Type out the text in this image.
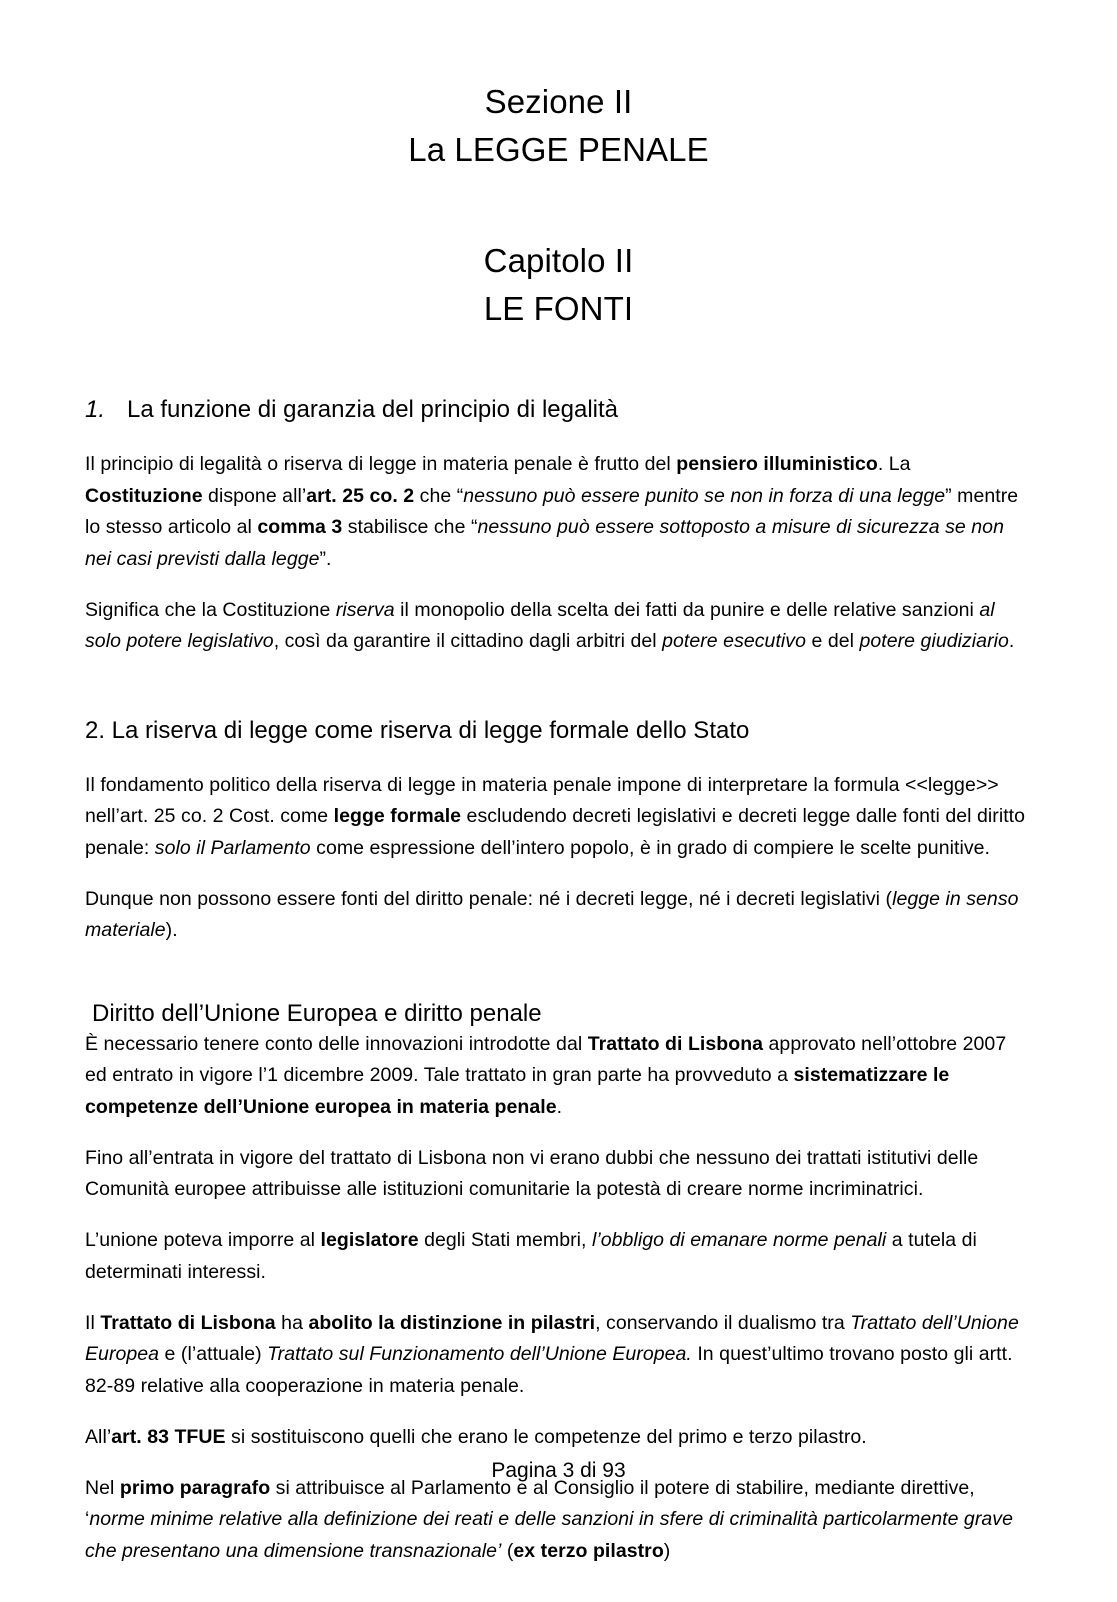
Sezione II
La LEGGE PENALE
Capitolo II
LE FONTI
1. La funzione di garanzia del principio di legalità

Il principio di legalità o riserva di legge in materia penale è frutto del pensiero illuministico. La Costituzione dispone all’art. 25 co. 2 che “nessuno può essere punito se non in forza di una legge” mentre lo stesso articolo al comma 3 stabilisce che “nessuno può essere sottoposto a misure di sicurezza se non nei casi previsti dalla legge”.

Significa che la Costituzione riserva il monopolio della scelta dei fatti da punire e delle relative sanzioni al solo potere legislativo, così da garantire il cittadino dagli arbitri del potere esecutivo e del potere giudiziario.

2. La riserva di legge come riserva di legge formale dello Stato

Il fondamento politico della riserva di legge in materia penale impone di interpretare la formula <<legge>> nell’art. 25 co. 2 Cost. come legge formale escludendo decreti legislativi e decreti legge dalle fonti del diritto penale: solo il Parlamento come espressione dell’intero popolo, è in grado di compiere le scelte punitive.

Dunque non possono essere fonti del diritto penale: né i decreti legge, né i decreti legislativi (legge in senso materiale).

Diritto dell’Unione Europea e diritto penale

È necessario tenere conto delle innovazioni introdotte dal Trattato di Lisbona approvato nell’ottobre 2007 ed entrato in vigore l’1 dicembre 2009. Tale trattato in gran parte ha provveduto a sistematizzare le competenze dell’Unione europea in materia penale.

Fino all’entrata in vigore del trattato di Lisbona non vi erano dubbi che nessuno dei trattati istitutivi delle Comunità europee attribuisse alle istituzioni comunitarie la potestà di creare norme incriminatrici.

L’unione poteva imporre al legislatore degli Stati membri, l’obbligo di emanare norme penali a tutela di determinati interessi.

Il Trattato di Lisbona ha abolito la distinzione in pilastri, conservando il dualismo tra Trattato dell’Unione Europea e (l’attuale) Trattato sul Funzionamento dell’Unione Europea. In quest’ultimo trovano posto gli artt. 82-89 relative alla cooperazione in materia penale.

All’art. 83 TFUE si sostituiscono quelli che erano le competenze del primo e terzo pilastro.

Nel primo paragrafo si attribuisce al Parlamento e al Consiglio il potere di stabilire, mediante direttive, ‘norme minime relative alla definizione dei reati e delle sanzioni in sfere di criminalità particolarmente grave che presentano una dimensione transnazionale’ (ex terzo pilastro)

Pagina 3 di 93
